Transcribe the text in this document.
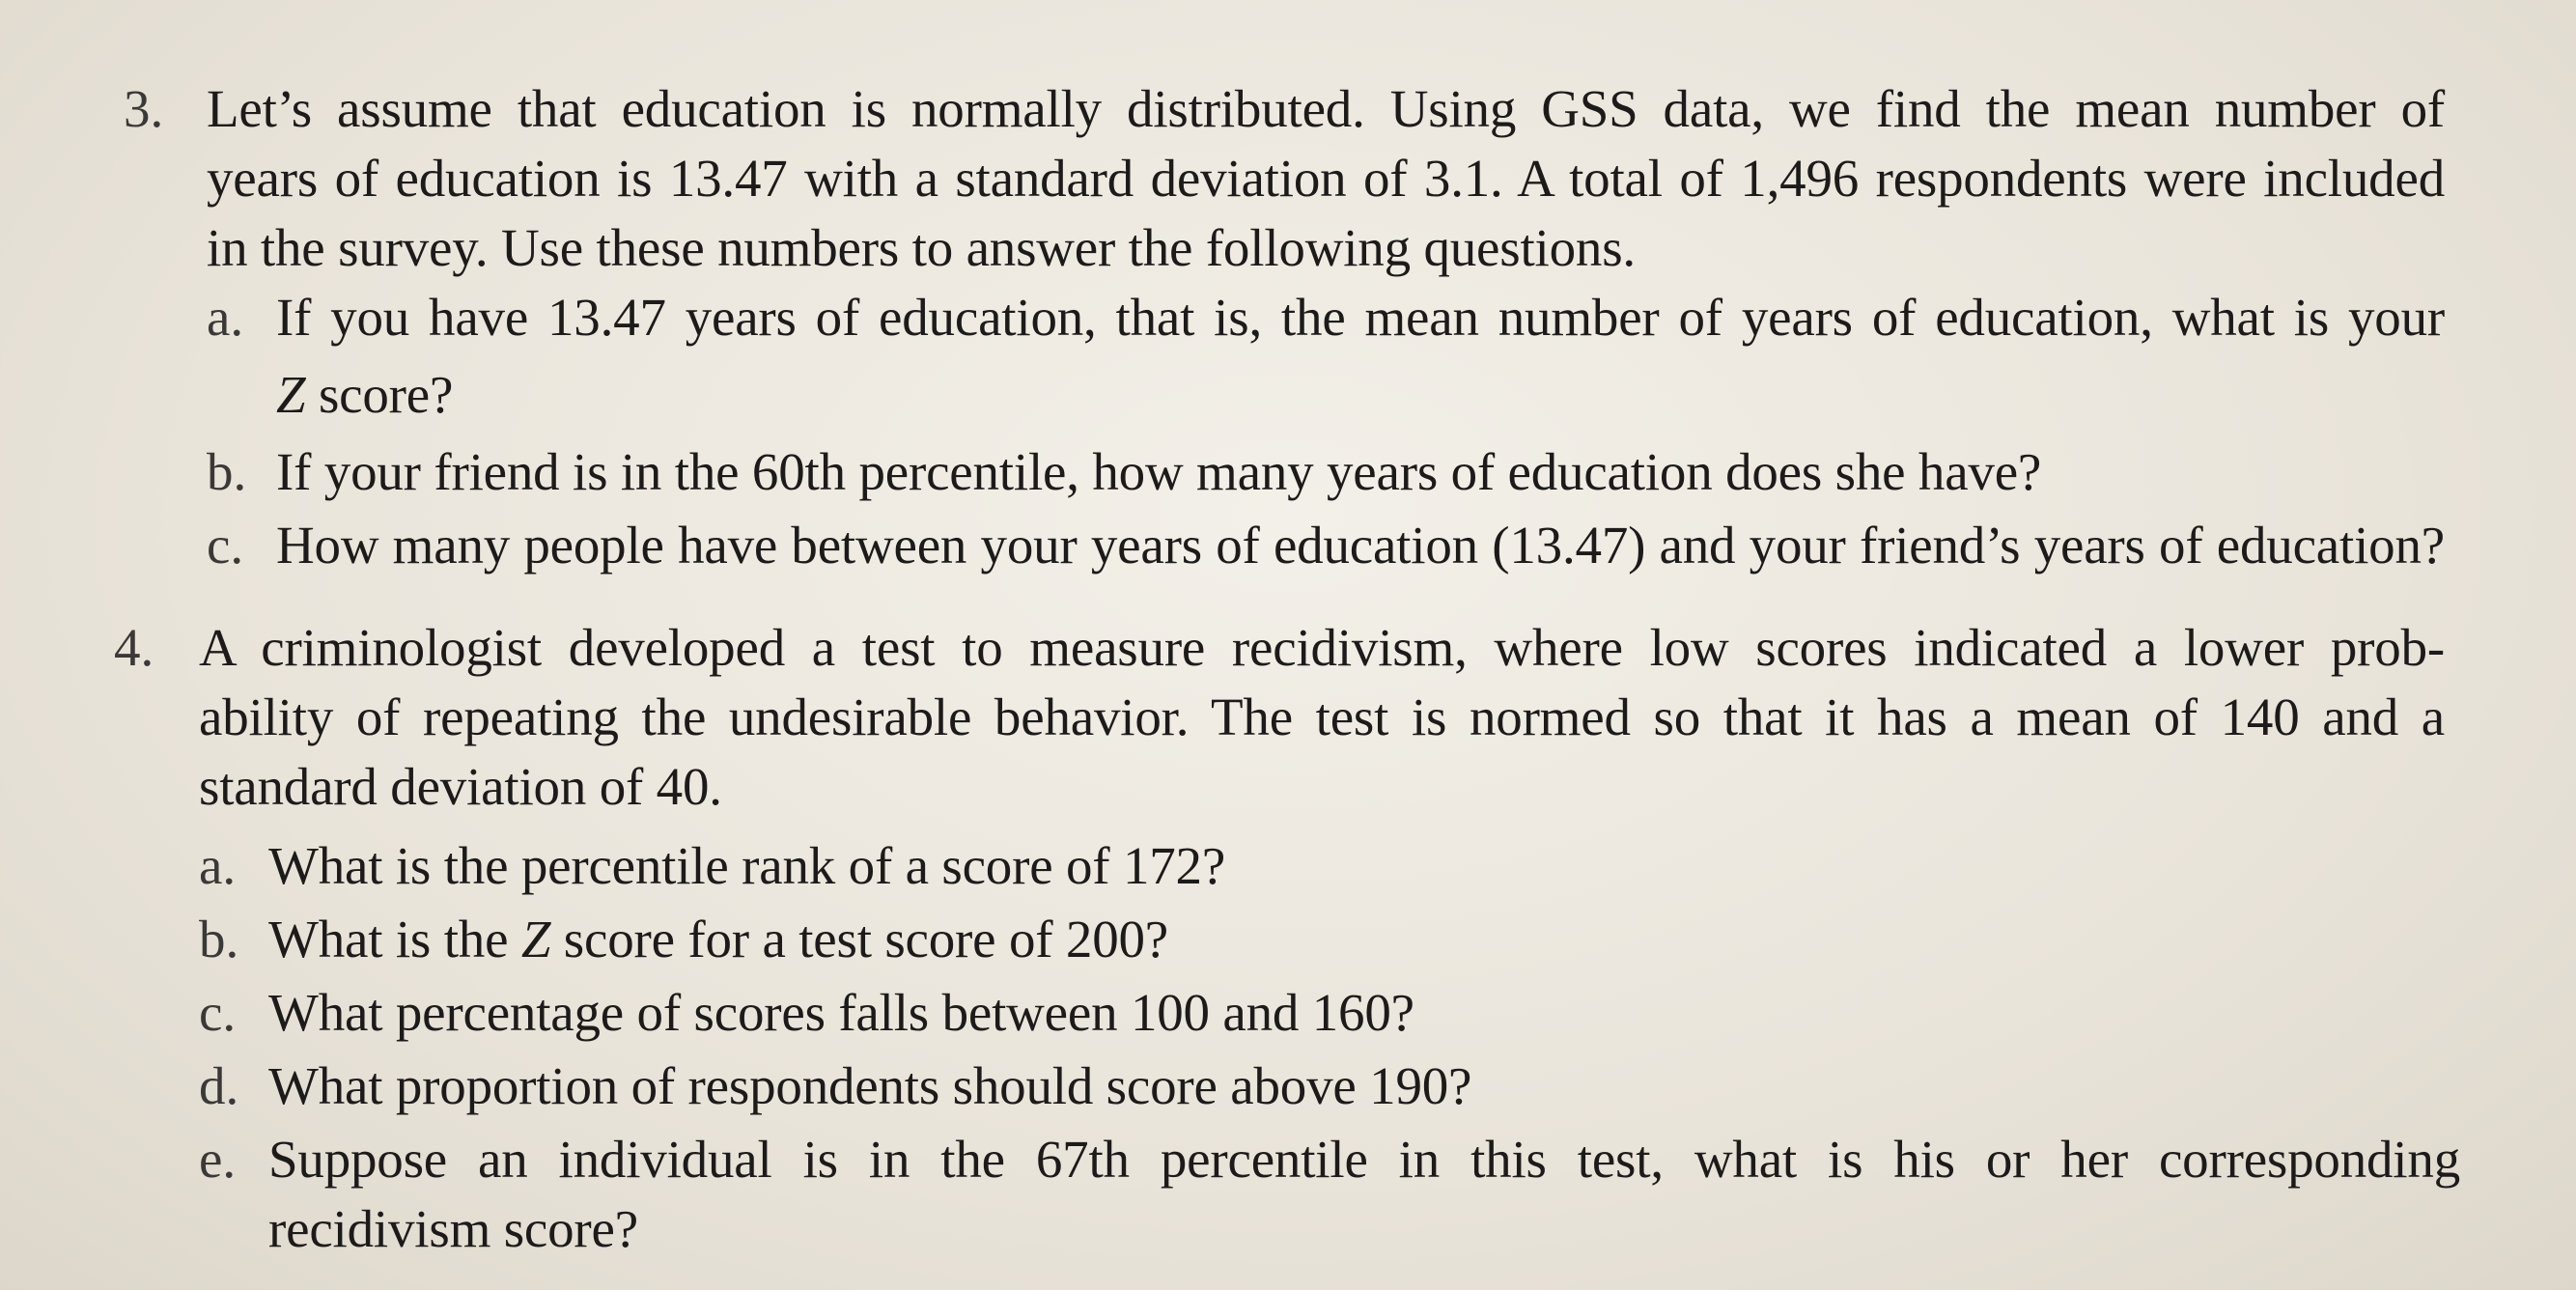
3. Let’s assume that education is normally distributed. Using GSS data, we find the mean number of
years of education is 13.47 with a standard deviation of 3.1. A total of 1,496 respondents were included
in the survey. Use these numbers to answer the following questions.
a. If you have 13.47 years of education, that is, the mean number of years of education, what is your
Z score?
b. If your friend is in the 60th percentile, how many years of education does she have?
c. How many people have between your years of education (13.47) and your friend’s years of education?
4. A criminologist developed a test to measure recidivism, where low scores indicated a lower prob-
ability of repeating the undesirable behavior. The test is normed so that it has a mean of 140 and a
standard deviation of 40.
a. What is the percentile rank of a score of 172?
b. What is the Z score for a test score of 200?
c. What percentage of scores falls between 100 and 160?
d. What proportion of respondents should score above 190?
e. Suppose an individual is in the 67th percentile in this test, what is his or her corresponding
recidivism score?
